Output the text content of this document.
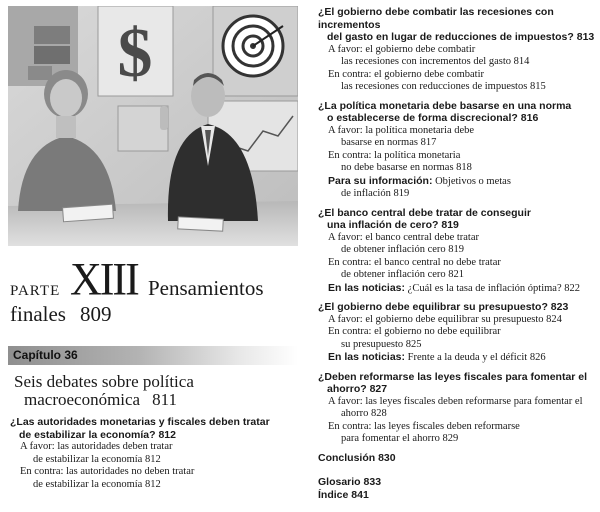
$
PARTE XIII Pensamientos
finales 809
Capítulo 36
Seis debates sobre política
macroeconómica 811
¿Las autoridades monetarias y fiscales deben tratar
de estabilizar la economía? 812
A favor: las autoridades deben tratar
de estabilizar la economía 812
En contra: las autoridades no deben tratar
de estabilizar la economía 812
¿El gobierno debe combatir las recesiones con incrementos
del gasto en lugar de reducciones de impuestos? 813
A favor: el gobierno debe combatir
las recesiones con incrementos del gasto 814
En contra: el gobierno debe combatir
las recesiones con reducciones de impuestos 815
¿La política monetaria debe basarse en una norma
o establecerse de forma discrecional? 816
A favor: la política monetaria debe
basarse en normas 817
En contra: la política monetaria
no debe basarse en normas 818
Para su información: Objetivos o metas
de inflación 819
¿El banco central debe tratar de conseguir
una inflación de cero? 819
A favor: el banco central debe tratar
de obtener inflación cero 819
En contra: el banco central no debe tratar
de obtener inflación cero 821
En las noticias: ¿Cuál es la tasa de inflación óptima? 822
¿El gobierno debe equilibrar su presupuesto? 823
A favor: el gobierno debe equilibrar su presupuesto 824
En contra: el gobierno no debe equilibrar
su presupuesto 825
En las noticias: Frente a la deuda y el déficit 826
¿Deben reformarse las leyes fiscales para fomentar el
ahorro? 827
A favor: las leyes fiscales deben reformarse para fomentar el
ahorro 828
En contra: las leyes fiscales deben reformarse
para fomentar el ahorro 829
Conclusión 830
Glosario 833
Índice 841
